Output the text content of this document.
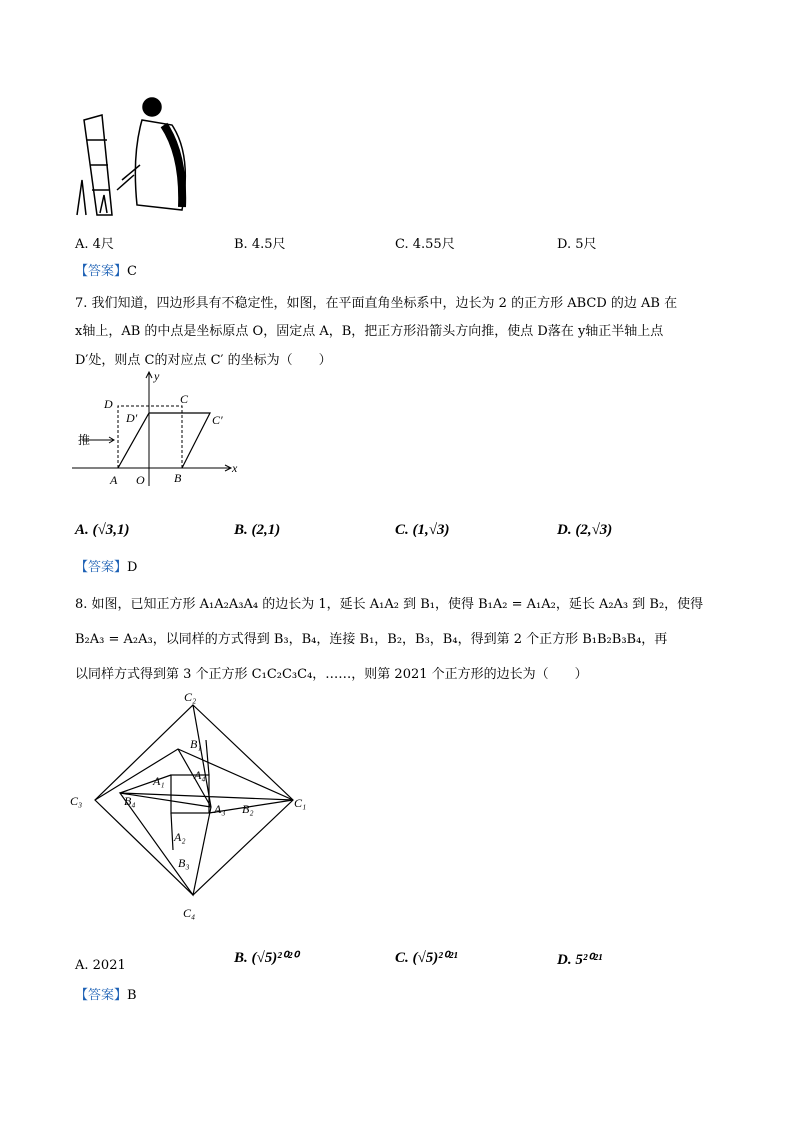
A. 4尺	B. 4.5尺	C. 4.55尺	D. 5尺
【答案】C
7. 我们知道，四边形具有不稳定性，如图，在平面直角坐标系中，边长为 2 的正方形 ABCD 的边 AB 在
x轴上，AB 的中点是坐标原点 O，固定点 A，B，把正方形沿箭头方向推，使点 D落在 y轴正半轴上点
D′处，则点 C的对应点 C′ 的坐标为（　　）
y
x
D	C
D′	C′
推
A O B
A. (√3,1)	B. (2,1)	C. (1,√3)	D. (2,√3)
【答案】D
8. 如图，已知正方形 A₁A₂A₃A₄ 的边长为 1，延长 A₁A₂ 到 B₁，使得 B₁A₂ = A₁A₂，延长 A₂A₃ 到 B₂，使得
B₂A₃ = A₂A₃，以同样的方式得到 B₃，B₄，连接 B₁，B₂，B₃，B₄，得到第 2 个正方形 B₁B₂B₃B₄，再
以同样方式得到第 3 个正方形 C₁C₂C₃C₄，……，则第 2021 个正方形的边长为（　　）
C₂
C₁
C₃
C₄
B₁
B₂
B₃
B₄
A₁
A₂
A₃
A₄
A. 2021	B. (√5)²⁰²⁰	C. (√5)²⁰²¹	D. 5²⁰²¹
【答案】B
